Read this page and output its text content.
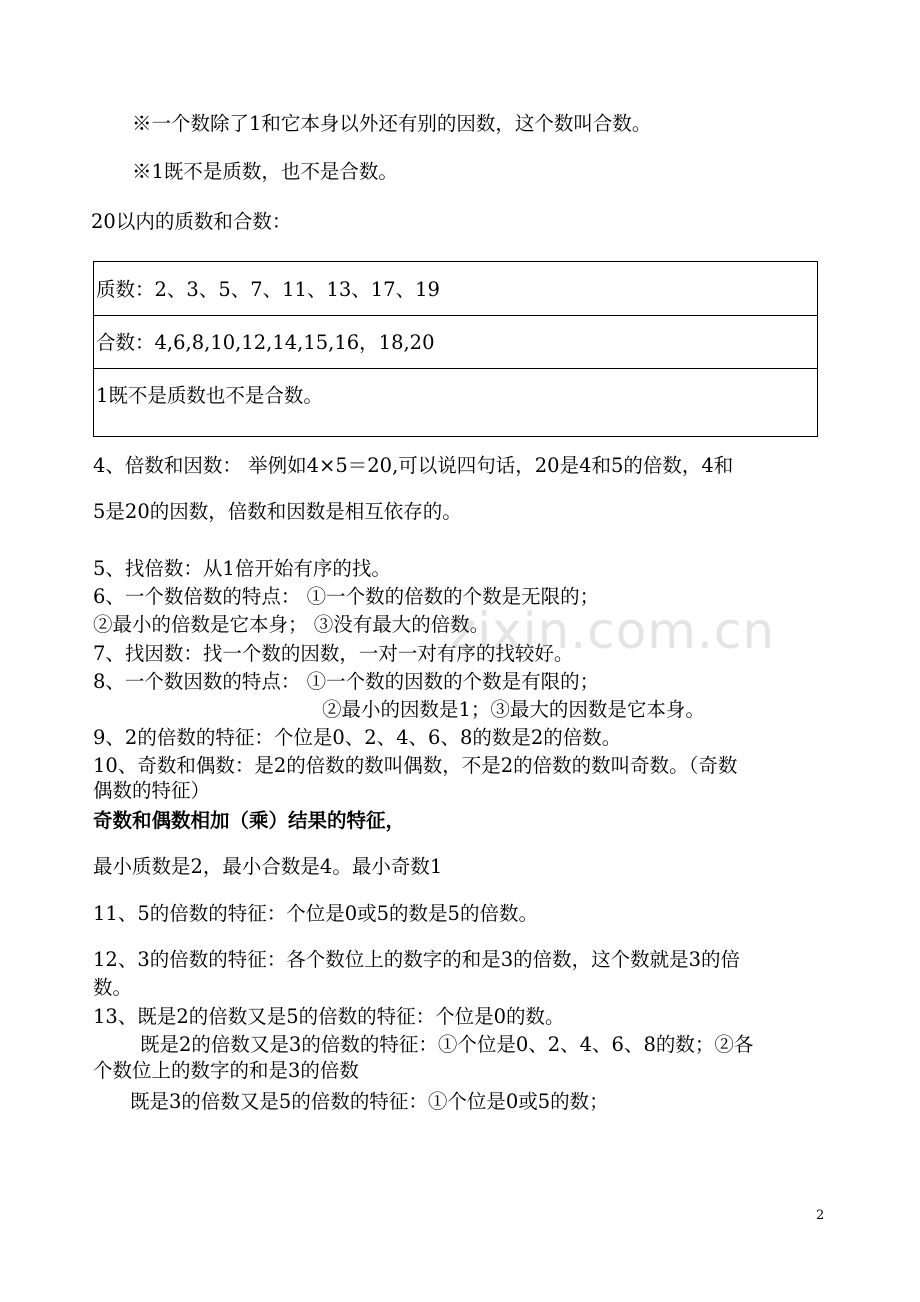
zixin.com.cn
※一个数除了1和它本身以外还有别的因数，这个数叫合数。
※1既不是质数，也不是合数。
20以内的质数和合数：
质数：2、3、5、7、11、13、17、19
合数：4,6,8,10,12,14,15,16，18,20
1既不是质数也不是合数。
4、倍数和因数： 举例如4×5＝20,可以说四句话，20是4和5的倍数，4和
5是20的因数，倍数和因数是相互依存的。
5、找倍数：从1倍开始有序的找。
6、一个数倍数的特点： ①一个数的倍数的个数是无限的；
②最小的倍数是它本身； ③没有最大的倍数。
7、找因数：找一个数的因数，一对一对有序的找较好。
8、一个数因数的特点： ①一个数的因数的个数是有限的；
②最小的因数是1；③最大的因数是它本身。
9、2的倍数的特征：个位是0、2、4、6、8的数是2的倍数。
10、奇数和偶数：是2的倍数的数叫偶数，不是2的倍数的数叫奇数。（奇数
偶数的特征）
奇数和偶数相加（乘）结果的特征，
最小质数是2，最小合数是4。最小奇数1
11、5的倍数的特征：个位是0或5的数是5的倍数。
12、3的倍数的特征：各个数位上的数字的和是3的倍数，这个数就是3的倍
数。
13、既是2的倍数又是5的倍数的特征：个位是0的数。
既是2的倍数又是3的倍数的特征：①个位是0、2、4、6、8的数；②各
个数位上的数字的和是3的倍数
既是3的倍数又是5的倍数的特征：①个位是0或5的数；
2
